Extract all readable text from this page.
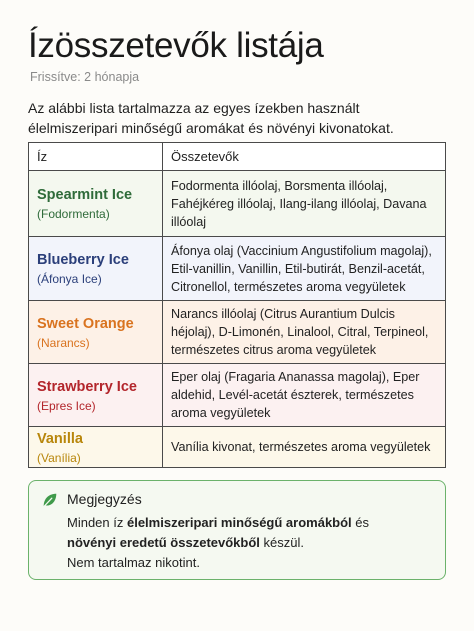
Ízösszetevők listája
Frissítve: 2 hónapja
Az alábbi lista tartalmazza az egyes ízekben használt élelmiszeripari minőségű aromákat és növényi kivonatokat.
Íz	Összetevők

Spearmint Ice
(Fodormenta)	Fodormenta illóolaj, Borsmenta illóolaj, Fahéjkéreg illóolaj, Ilang-ilang illóolaj, Davana illóolaj

Blueberry Ice
(Áfonya Ice)	Áfonya olaj (Vaccinium Angustifolium magolaj), Etil-vanillin, Vanillin, Etil-butirát, Benzil-acetát, Citronellol, természetes aroma vegyületek

Sweet Orange
(Narancs)	Narancs illóolaj (Citrus Aurantium Dulcis héjolaj), D-Limonén, Linalool, Citral, Terpineol, természetes citrus aroma vegyületek

Strawberry Ice
(Epres Ice)	Eper olaj (Fragaria Ananassa magolaj), Eper aldehid, Levél-acetát észterek, természetes aroma vegyületek

Vanilla
(Vanília)	Vanília kivonat, természetes aroma vegyületek
Megjegyzés
Minden íz élelmiszeripari minőségű aromákból és
növényi eredetű összetevőkből készül.
Nem tartalmaz nikotint.
